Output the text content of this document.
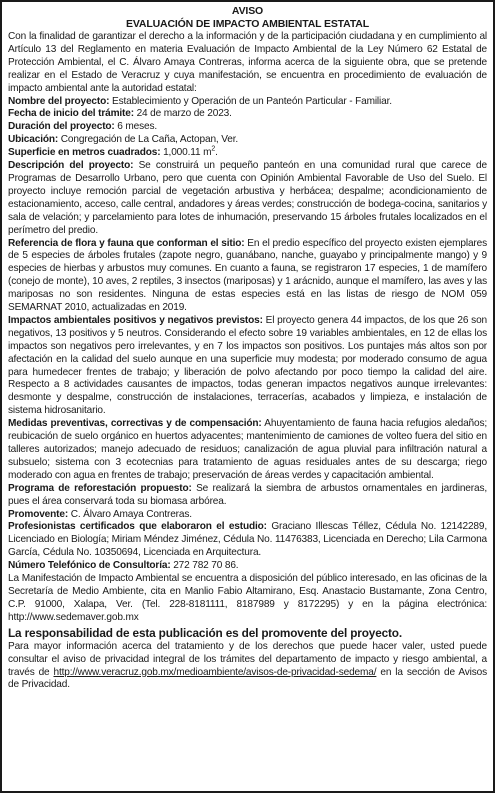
AVISO
EVALUACIÓN DE IMPACTO AMBIENTAL ESTATAL

Con la finalidad de garantizar el derecho a la información y de la participación ciudadana y en cumplimiento al Artículo 13 del Reglamento en materia Evaluación de Impacto Ambiental de la Ley Número 62 Estatal de Protección Ambiental, el C. Álvaro Amaya Contreras, informa acerca de la siguiente obra, que se pretende realizar en el Estado de Veracruz y cuya manifestación, se encuentra en procedimiento de evaluación de impacto ambiental ante la autoridad estatal:

Nombre del proyecto: Establecimiento y Operación de un Panteón Particular - Familiar.

Fecha de inicio del trámite: 24 de marzo de 2023.

Duración del proyecto: 6 meses.

Ubicación: Congregación de La Caña, Actopan, Ver.

Superficie en metros cuadrados: 1,000.11 $m^2$.

Descripción del proyecto: Se construirá un pequeño panteón en una comunidad rural que carece de Programas de Desarrollo Urbano, pero que cuenta con Opinión Ambiental Favorable de Uso del Suelo. El proyecto incluye remoción parcial de vegetación arbustiva y herbácea; despalme; acondicionamiento de estacionamiento, acceso, calle central, andadores y áreas verdes; construcción de bodega-cocina, sanitarios y sala de velación; y parcelamiento para lotes de inhumación, preservando 15 árboles frutales localizados en el perímetro del predio.

Referencia de flora y fauna que conforman el sitio: En el predio específico del proyecto existen ejemplares de 5 especies de árboles frutales (zapote negro, guanábano, nanche, guayabo y principalmente mango) y 9 especies de hierbas y arbustos muy comunes. En cuanto a fauna, se registraron 17 especies, 1 de mamífero (conejo de monte), 10 aves, 2 reptiles, 3 insectos (mariposas) y 1 arácnido, aunque el mamífero, las aves y las mariposas no son residentes. Ninguna de estas especies está en las listas de riesgo de NOM 059 SEMARNAT 2010, actualizadas en 2019.

Impactos ambientales positivos y negativos previstos: El proyecto genera 44 impactos, de los que 26 son negativos, 13 positivos y 5 neutros. Considerando el efecto sobre 19 variables ambientales, en 12 de ellas los impactos son negativos pero irrelevantes, y en 7 los impactos son positivos. Los puntajes más altos son por afectación en la calidad del suelo aunque en una superficie muy modesta; por moderado consumo de agua para humedecer frentes de trabajo; y liberación de polvo afectando por poco tiempo la calidad del aire. Respecto a 8 actividades causantes de impactos, todas generan impactos negativos aunque irrelevantes: desmonte y despalme, construcción de instalaciones, terracerías, acabados y limpieza, e instalación de sistema hidrosanitario.

Medidas preventivas, correctivas y de compensación: Ahuyentamiento de fauna hacia refugios aledaños; reubicación de suelo orgánico en huertos adyacentes; mantenimiento de camiones de volteo fuera del sitio en talleres autorizados; manejo adecuado de residuos; canalización de agua pluvial para infiltración natural a subsuelo; sistema con 3 ecotecnias para tratamiento de aguas residuales antes de su descarga; riego moderado con agua en frentes de trabajo; preservación de áreas verdes y capacitación ambiental.

Programa de reforestación propuesto: Se realizará la siembra de arbustos ornamentales en jardineras, pues el área conservará toda su biomasa arbórea.

Promovente: C. Álvaro Amaya Contreras.

Profesionistas certificados que elaboraron el estudio: Graciano Illescas Téllez, Cédula No. 12142289, Licenciado en Biología; Miriam Méndez Jiménez, Cédula No. 11476383, Licenciada en Derecho; Lila Carmona García, Cédula No. 10350694, Licenciada en Arquitectura.

Número Telefónico de Consultoría: 272 782 70 86.

La Manifestación de Impacto Ambiental se encuentra a disposición del público interesado, en las oficinas de la Secretaría de Medio Ambiente, cita en Manlio Fabio Altamirano, Esq. Anastacio Bustamante, Zona Centro, C.P. 91000, Xalapa, Ver. (Tel. 228-8181111, 8187989 y 8172295) y en la página electrónica: http://www.sedemaver.gob.mx

La responsabilidad de esta publicación es del promovente del proyecto.

Para mayor información acerca del tratamiento y de los derechos que puede hacer valer, usted puede consultar el aviso de privacidad integral de los trámites del departamento de impacto y riesgo ambiental, a través de http://www.veracruz.gob.mx/medioambiente/avisos-de-privacidad-sedema/ en la sección de Avisos de Privacidad.
